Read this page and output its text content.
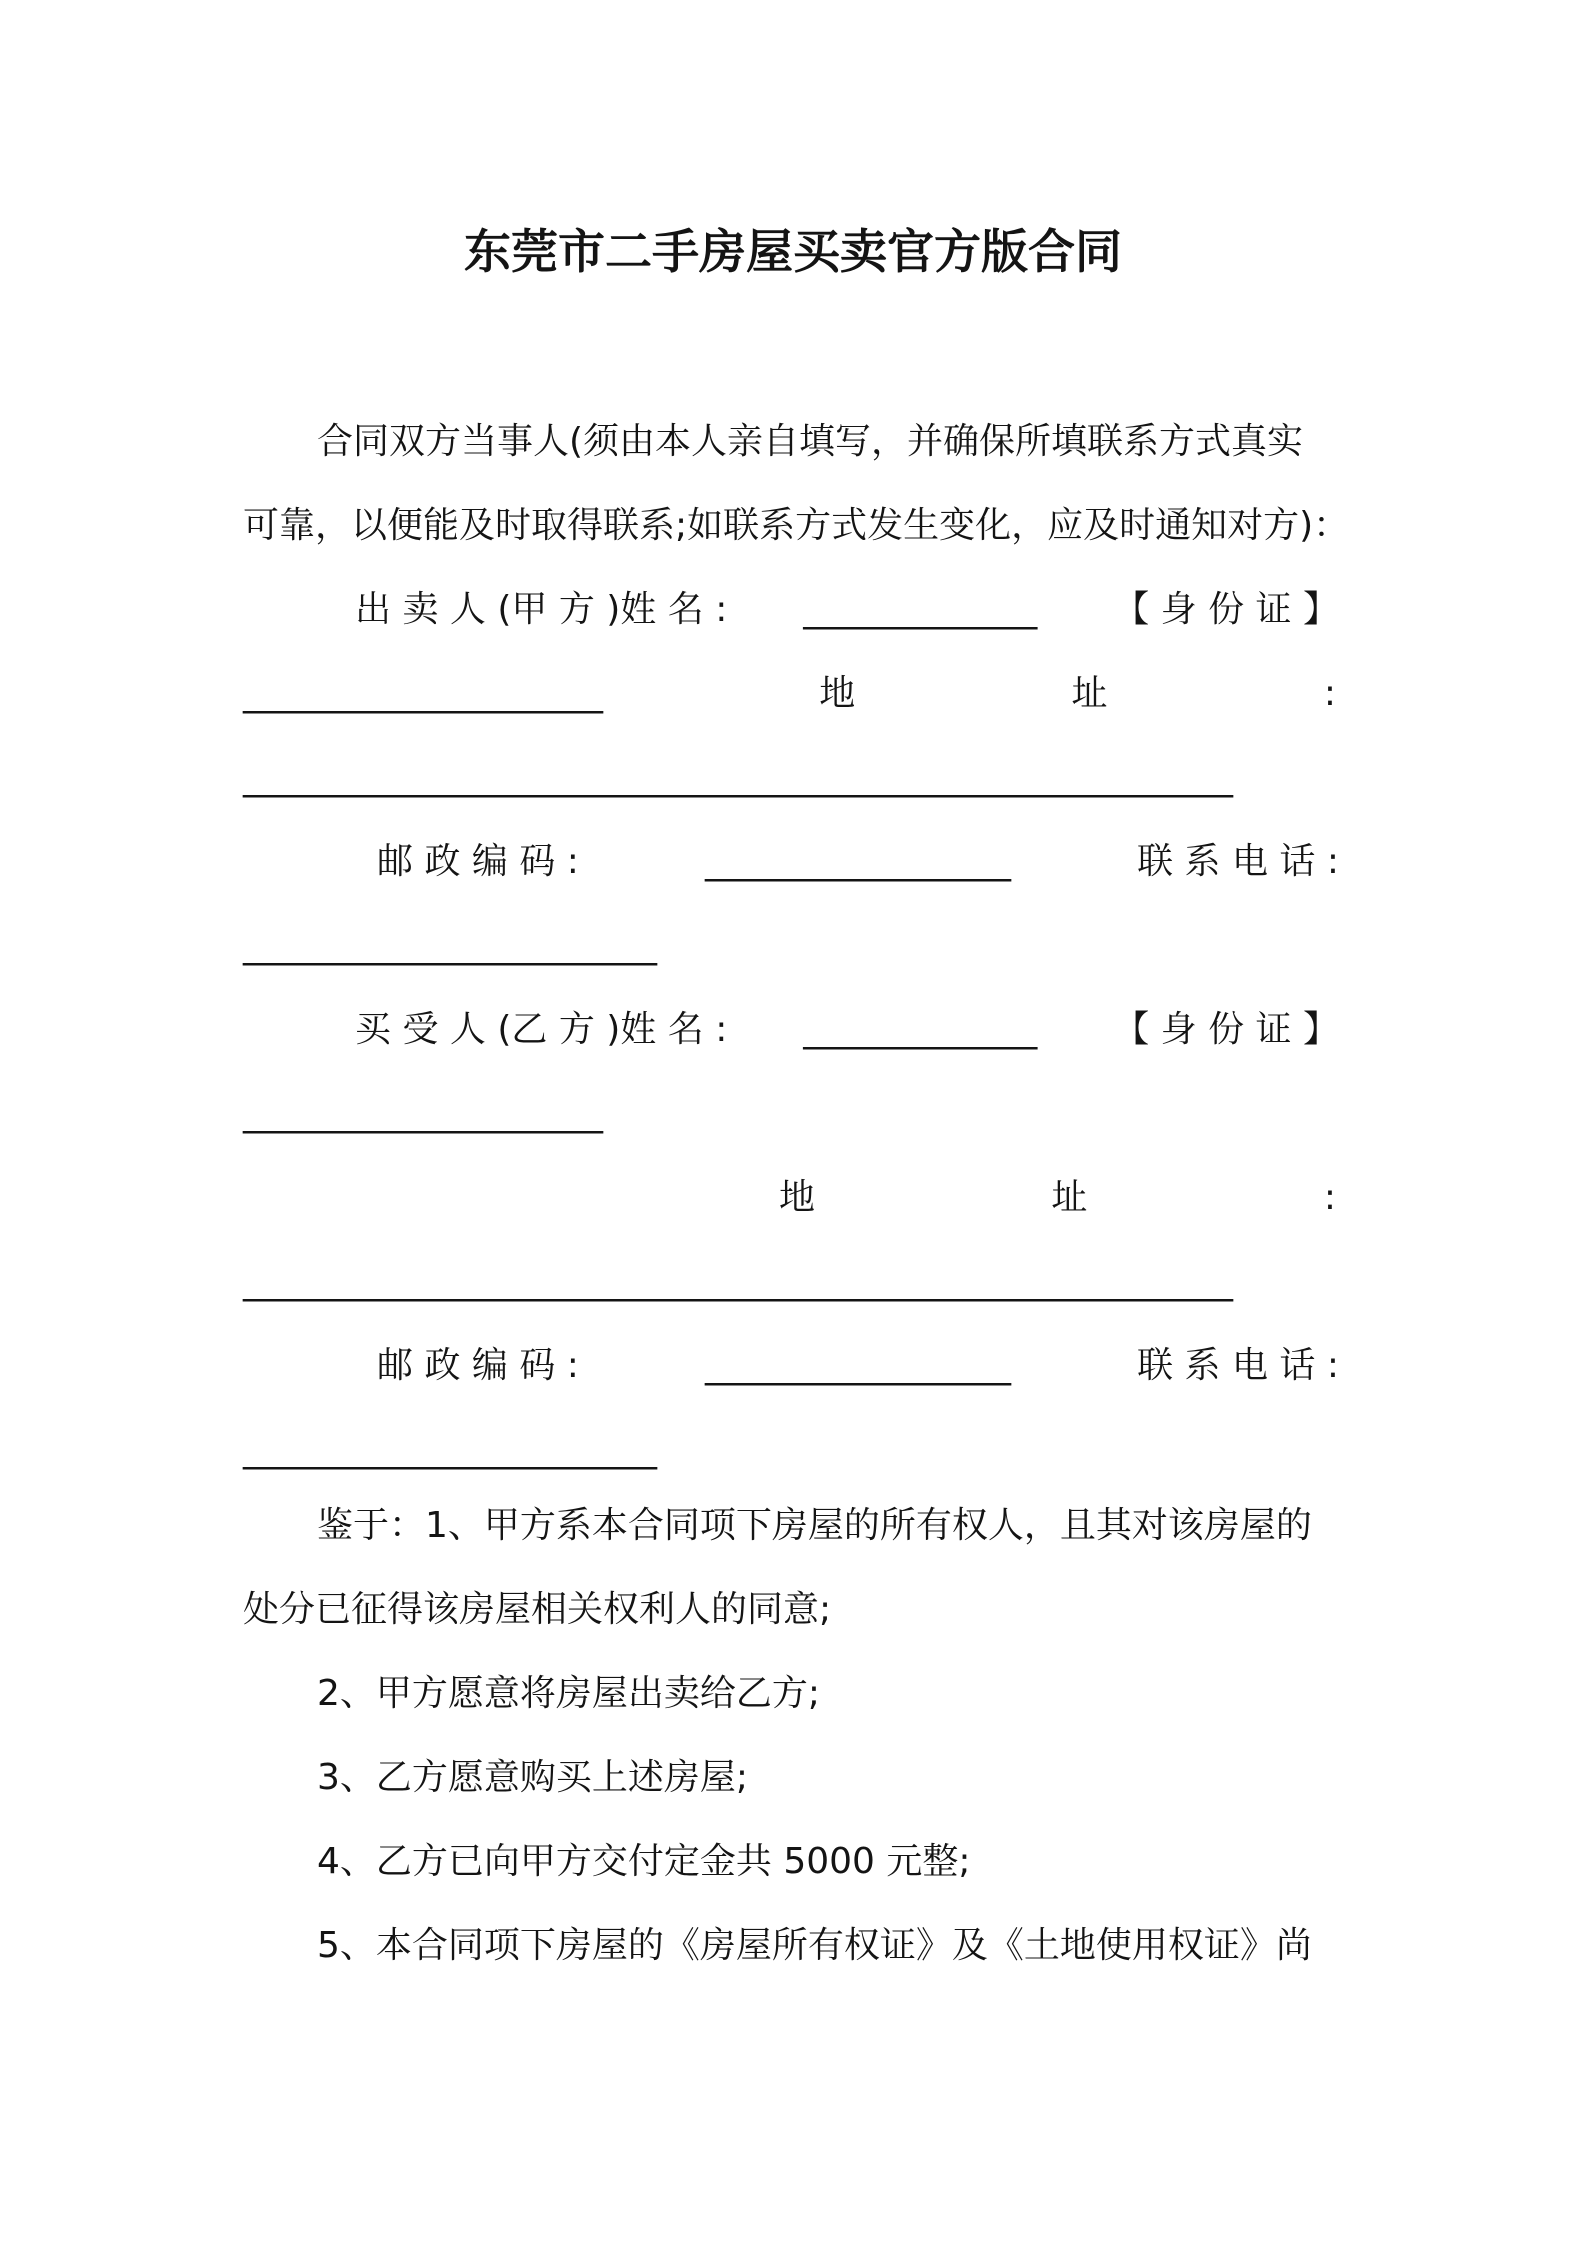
东莞市二手房屋买卖官方版合同
合同双方当事人(须由本人亲自填写，并确保所填联系方式真实
可靠，以便能及时取得联系;如联系方式发生变化，应及时通知对方)：
出 卖 人 (甲 方 )姓 名 : _____________ 【 身 份 证 】
____________________	地	址	:
_______________________________________________________
邮 政 编 码 :	_________________	联 系 电 话 :
_______________________
买 受 人 (乙 方 )姓 名 : _____________ 【 身 份 证 】
____________________
地	址	:
_______________________________________________________
邮 政 编 码 :	_________________	联 系 电 话 :
_______________________
鉴于：1、甲方系本合同项下房屋的所有权人，且其对该房屋的
处分已征得该房屋相关权利人的同意;
2、甲方愿意将房屋出卖给乙方;
3、乙方愿意购买上述房屋;
4、乙方已向甲方交付定金共 5000 元整;
5、本合同项下房屋的《房屋所有权证》及《土地使用权证》尚
